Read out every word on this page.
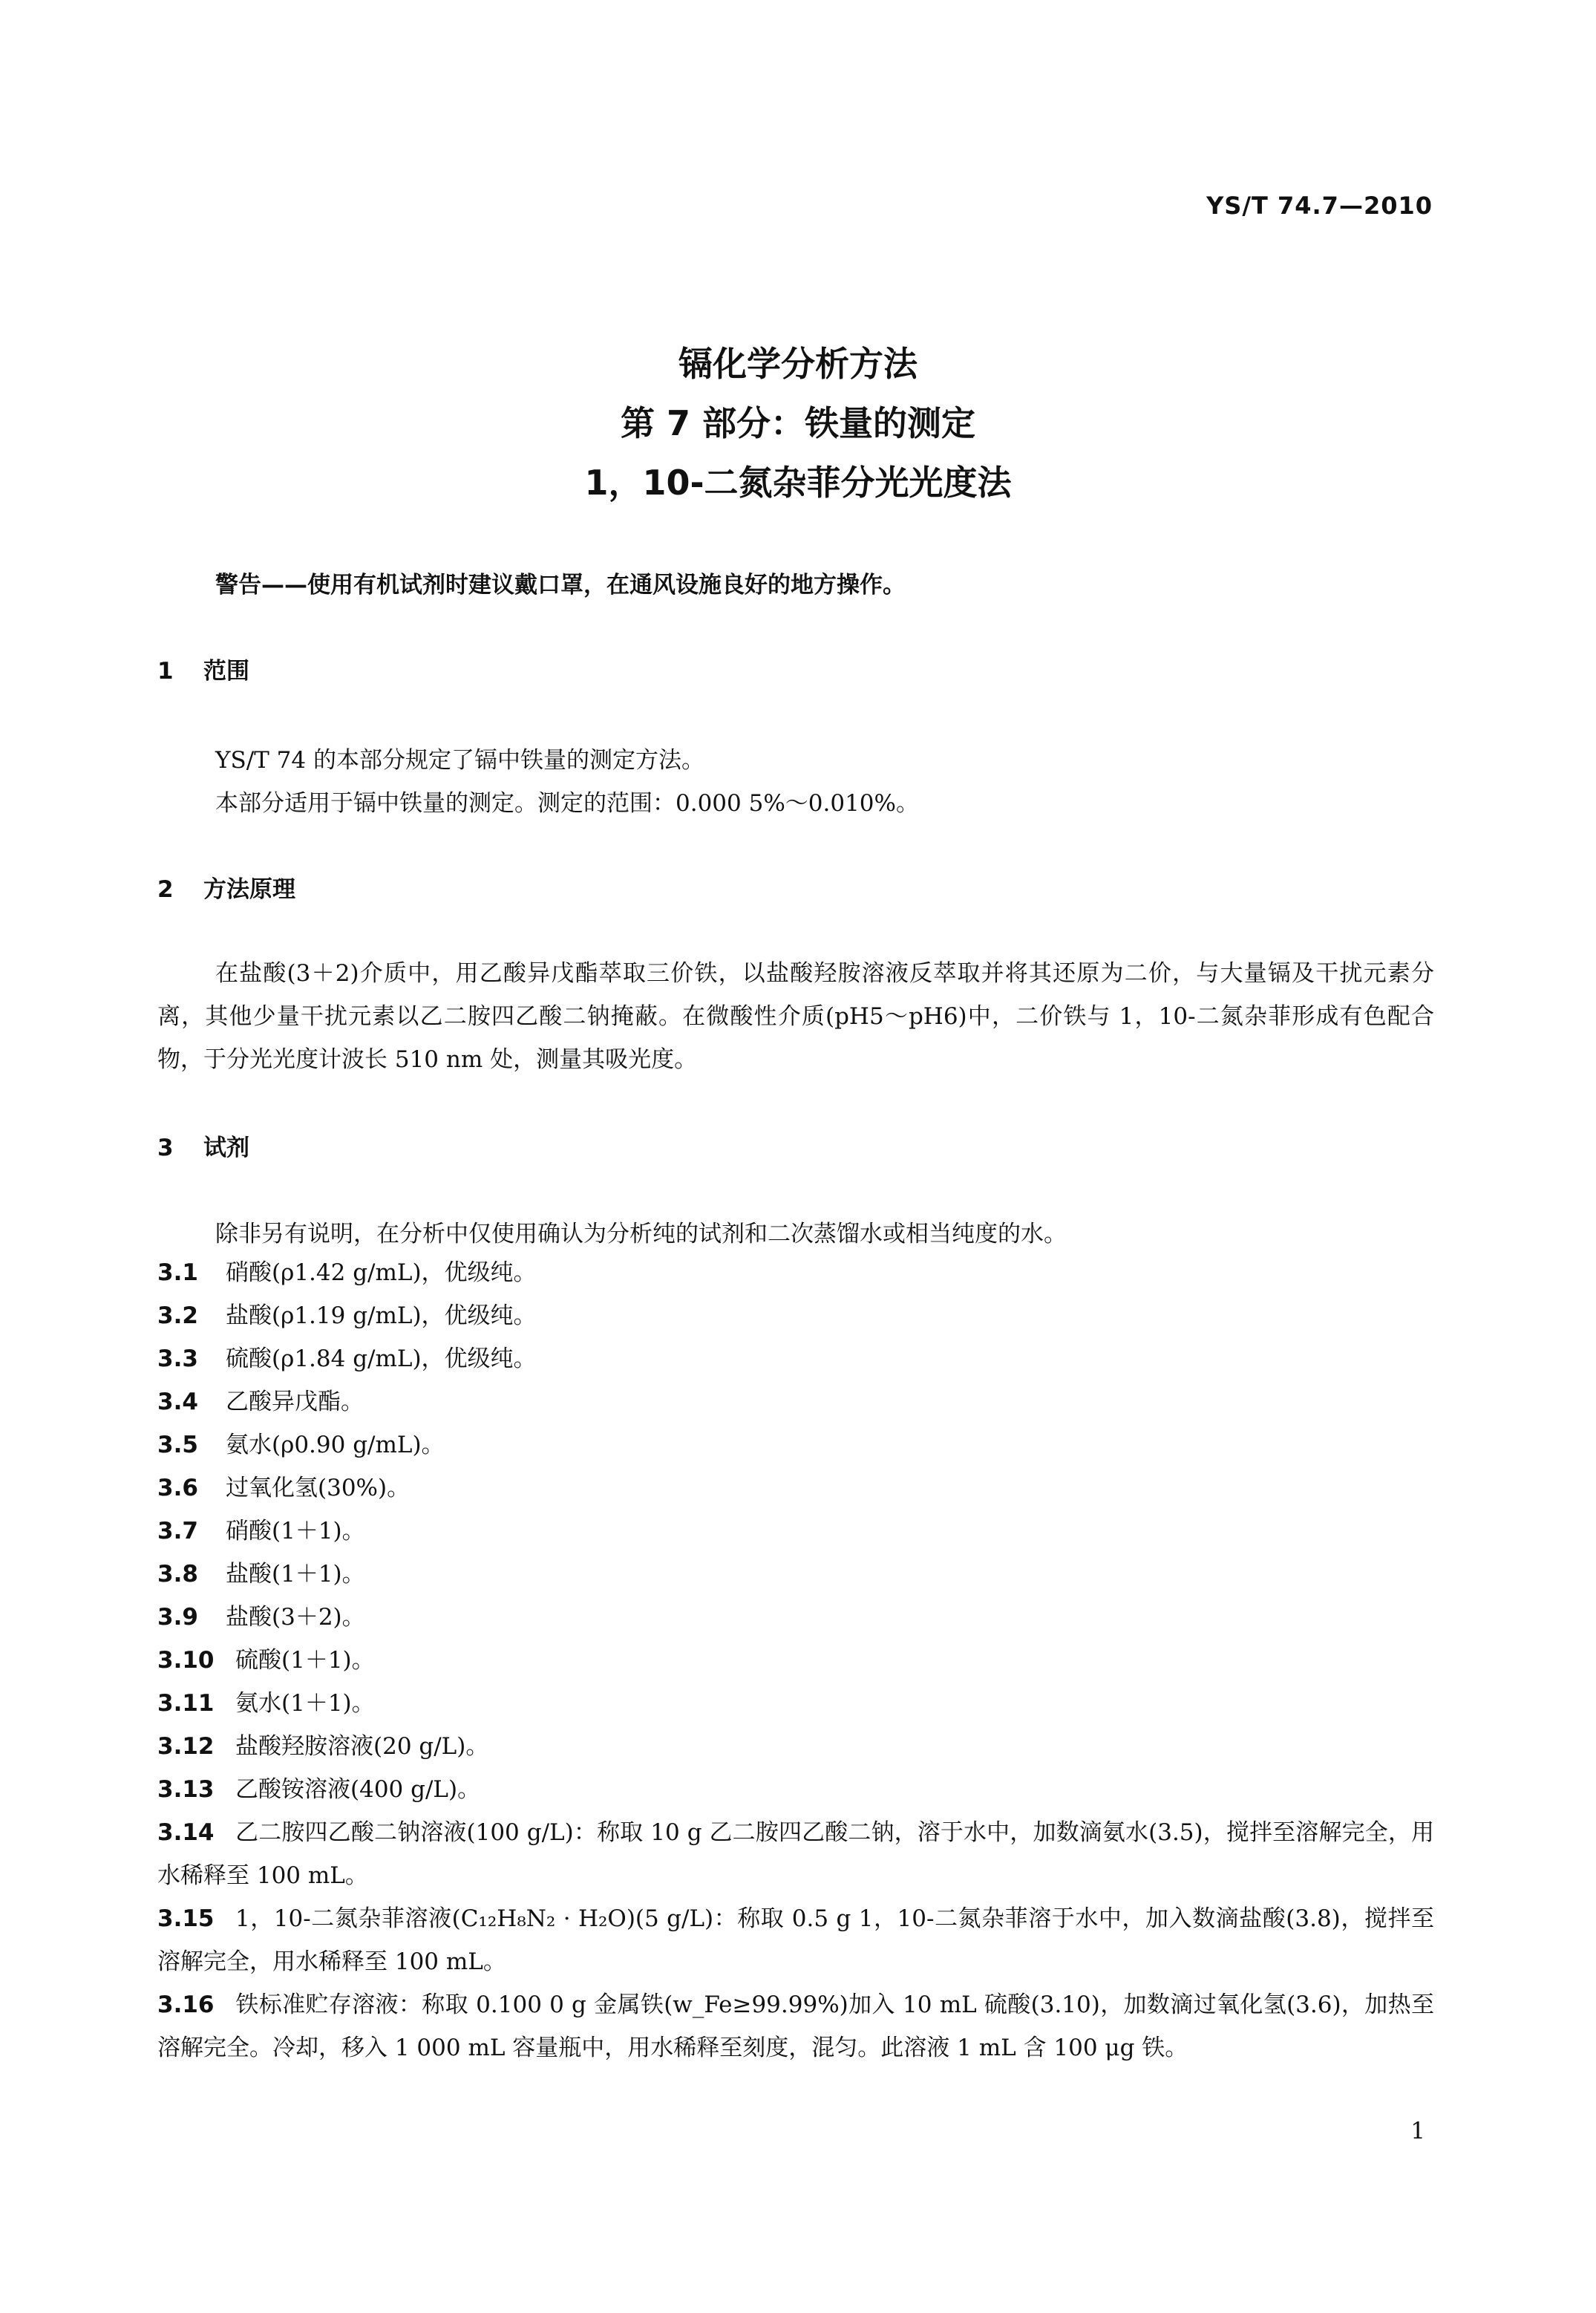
YS/T 74.7—2010
镉化学分析方法
第 7 部分：铁量的测定
1，10-二氮杂菲分光光度法
警告——使用有机试剂时建议戴口罩，在通风设施良好的地方操作。
1 范围
YS/T 74 的本部分规定了镉中铁量的测定方法。
本部分适用于镉中铁量的测定。测定的范围：0.000 5%～0.010%。
2 方法原理
在盐酸(3＋2)介质中，用乙酸异戊酯萃取三价铁，以盐酸羟胺溶液反萃取并将其还原为二价，与大量镉及干扰元素分离，其他少量干扰元素以乙二胺四乙酸二钠掩蔽。在微酸性介质(pH5～pH6)中，二价铁与 1，10-二氮杂菲形成有色配合物，于分光光度计波长 510 nm 处，测量其吸光度。
3 试剂
除非另有说明，在分析中仅使用确认为分析纯的试剂和二次蒸馏水或相当纯度的水。
3.1 硝酸(ρ1.42 g/mL)，优级纯。
3.2 盐酸(ρ1.19 g/mL)，优级纯。
3.3 硫酸(ρ1.84 g/mL)，优级纯。
3.4 乙酸异戊酯。
3.5 氨水(ρ0.90 g/mL)。
3.6 过氧化氢(30%)。
3.7 硝酸(1＋1)。
3.8 盐酸(1＋1)。
3.9 盐酸(3＋2)。
3.10 硫酸(1＋1)。
3.11 氨水(1＋1)。
3.12 盐酸羟胺溶液(20 g/L)。
3.13 乙酸铵溶液(400 g/L)。
3.14 乙二胺四乙酸二钠溶液(100 g/L)：称取 10 g 乙二胺四乙酸二钠，溶于水中，加数滴氨水(3.5)，搅拌至溶解完全，用水稀释至 100 mL。
3.15 1，10-二氮杂菲溶液(C₁₂H₈N₂ · H₂O)(5 g/L)：称取 0.5 g 1，10-二氮杂菲溶于水中，加入数滴盐酸(3.8)，搅拌至溶解完全，用水稀释至 100 mL。
3.16 铁标准贮存溶液：称取 0.100 0 g 金属铁(w_Fe≥99.99%)加入 10 mL 硫酸(3.10)，加数滴过氧化氢(3.6)，加热至溶解完全。冷却，移入 1 000 mL 容量瓶中，用水稀释至刻度，混匀。此溶液 1 mL 含 100 μg 铁。
1
